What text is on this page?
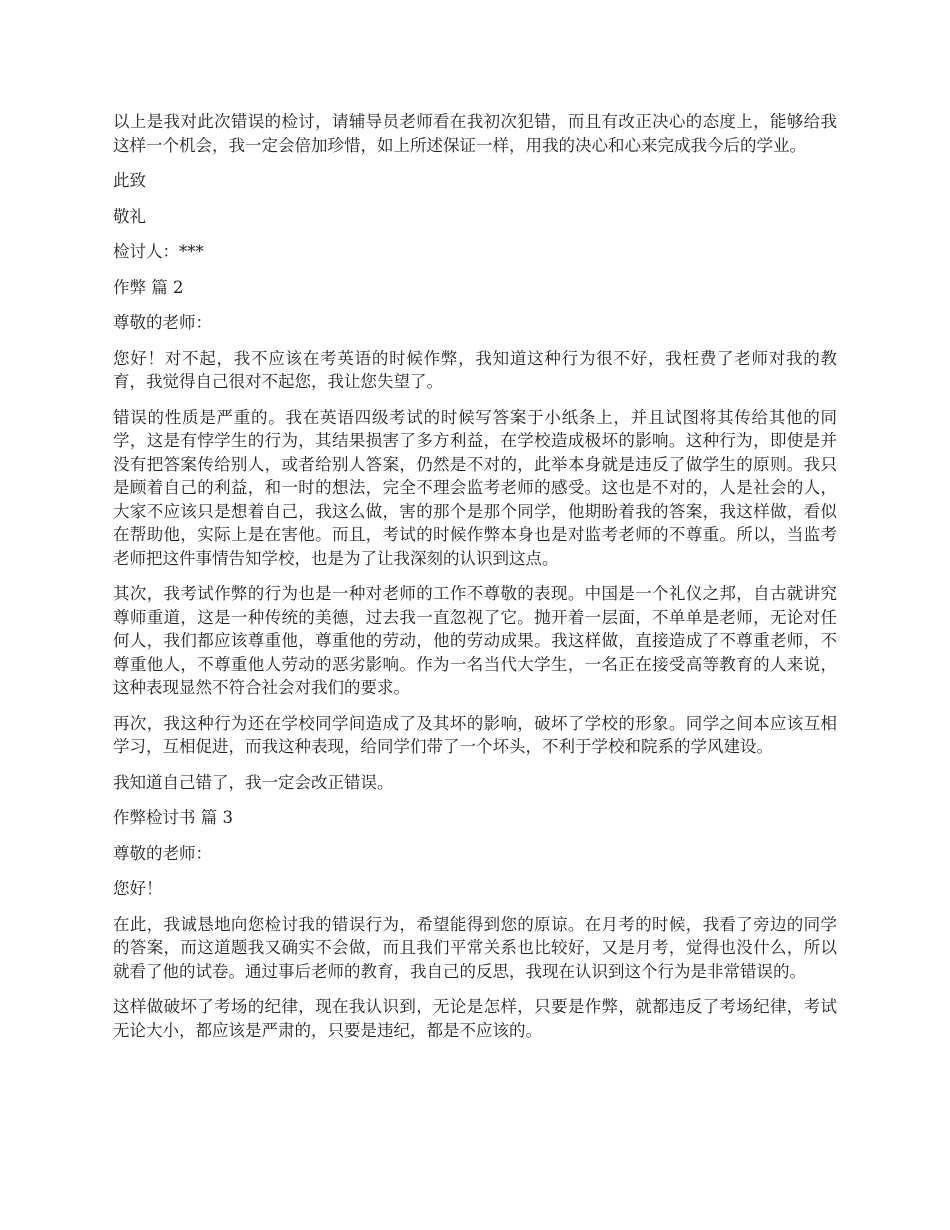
以上是我对此次错误的检讨，请辅导员老师看在我初次犯错，而且有改正决心的态度上，能够给我这样一个机会，我一定会倍加珍惜，如上所述保证一样，用我的决心和心来完成我今后的学业。

此致

敬礼

检讨人：***

作弊 篇 2

尊敬的老师：

您好！对不起，我不应该在考英语的时候作弊，我知道这种行为很不好，我枉费了老师对我的教育，我觉得自己很对不起您，我让您失望了。

错误的性质是严重的。我在英语四级考试的时候写答案于小纸条上，并且试图将其传给其他的同学，这是有悖学生的行为，其结果损害了多方利益，在学校造成极坏的影响。这种行为，即使是并没有把答案传给别人，或者给别人答案，仍然是不对的，此举本身就是违反了做学生的原则。我只是顾着自己的利益，和一时的想法，完全不理会监考老师的感受。这也是不对的，人是社会的人，大家不应该只是想着自己，我这么做，害的那个是那个同学，他期盼着我的答案，我这样做，看似在帮助他，实际上是在害他。而且，考试的时候作弊本身也是对监考老师的不尊重。所以，当监考老师把这件事情告知学校，也是为了让我深刻的认识到这点。

其次，我考试作弊的行为也是一种对老师的工作不尊敬的表现。中国是一个礼仪之邦，自古就讲究尊师重道，这是一种传统的美德，过去我一直忽视了它。抛开着一层面，不单单是老师，无论对任何人，我们都应该尊重他，尊重他的劳动，他的劳动成果。我这样做，直接造成了不尊重老师，不尊重他人，不尊重他人劳动的恶劣影响。作为一名当代大学生，一名正在接受高等教育的人来说，这种表现显然不符合社会对我们的要求。

再次，我这种行为还在学校同学间造成了及其坏的影响，破坏了学校的形象。同学之间本应该互相学习，互相促进，而我这种表现，给同学们带了一个坏头，不利于学校和院系的学风建设。

我知道自己错了，我一定会改正错误。

作弊检讨书 篇 3

尊敬的老师：

您好！

在此，我诚恳地向您检讨我的错误行为，希望能得到您的原谅。在月考的时候，我看了旁边的同学的答案，而这道题我又确实不会做，而且我们平常关系也比较好，又是月考，觉得也没什么，所以就看了他的试卷。通过事后老师的教育，我自己的反思，我现在认识到这个行为是非常错误的。

这样做破坏了考场的纪律，现在我认识到，无论是怎样，只要是作弊，就都违反了考场纪律，考试无论大小，都应该是严肃的，只要是违纪，都是不应该的。
